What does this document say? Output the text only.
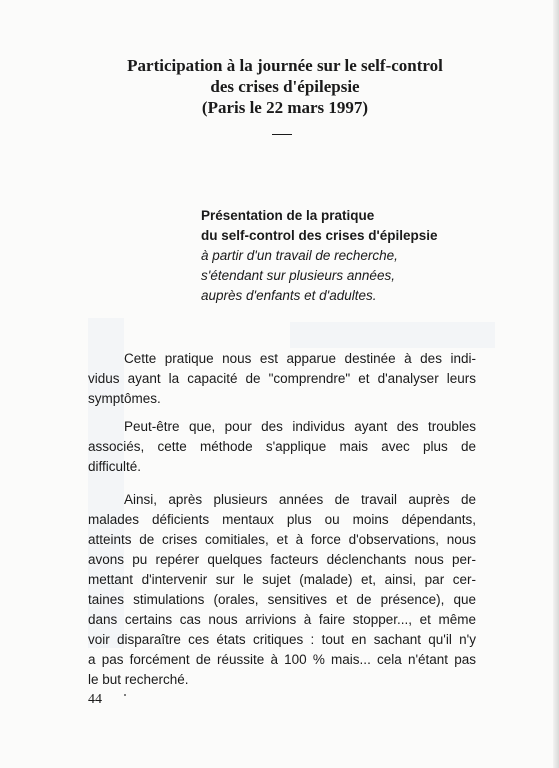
Participation à la journée sur le self-control
des crises d'épilepsie
(Paris le 22 mars 1997)
Présentation de la pratique
du self-control des crises d'épilepsie
à partir d'un travail de recherche,
s'étendant sur plusieurs années,
auprès d'enfants et d'adultes.
Cette pratique nous est apparue destinée à des indi-
vidus ayant la capacité de "comprendre" et d'analyser leurs
symptômes.
Peut-être que, pour des individus ayant des troubles
associés, cette méthode s'applique mais avec plus de
difficulté.
Ainsi, après plusieurs années de travail auprès de
malades déficients mentaux plus ou moins dépendants,
atteints de crises comitiales, et à force d'observations, nous
avons pu repérer quelques facteurs déclenchants nous per-
mettant d'intervenir sur le sujet (malade) et, ainsi, par cer-
taines stimulations (orales, sensitives et de présence), que
dans certains cas nous arrivions à faire stopper..., et même
voir disparaître ces états critiques : tout en sachant qu'il n'y
a pas forcément de réussite à 100 % mais... cela n'étant pas
le but recherché.
44
